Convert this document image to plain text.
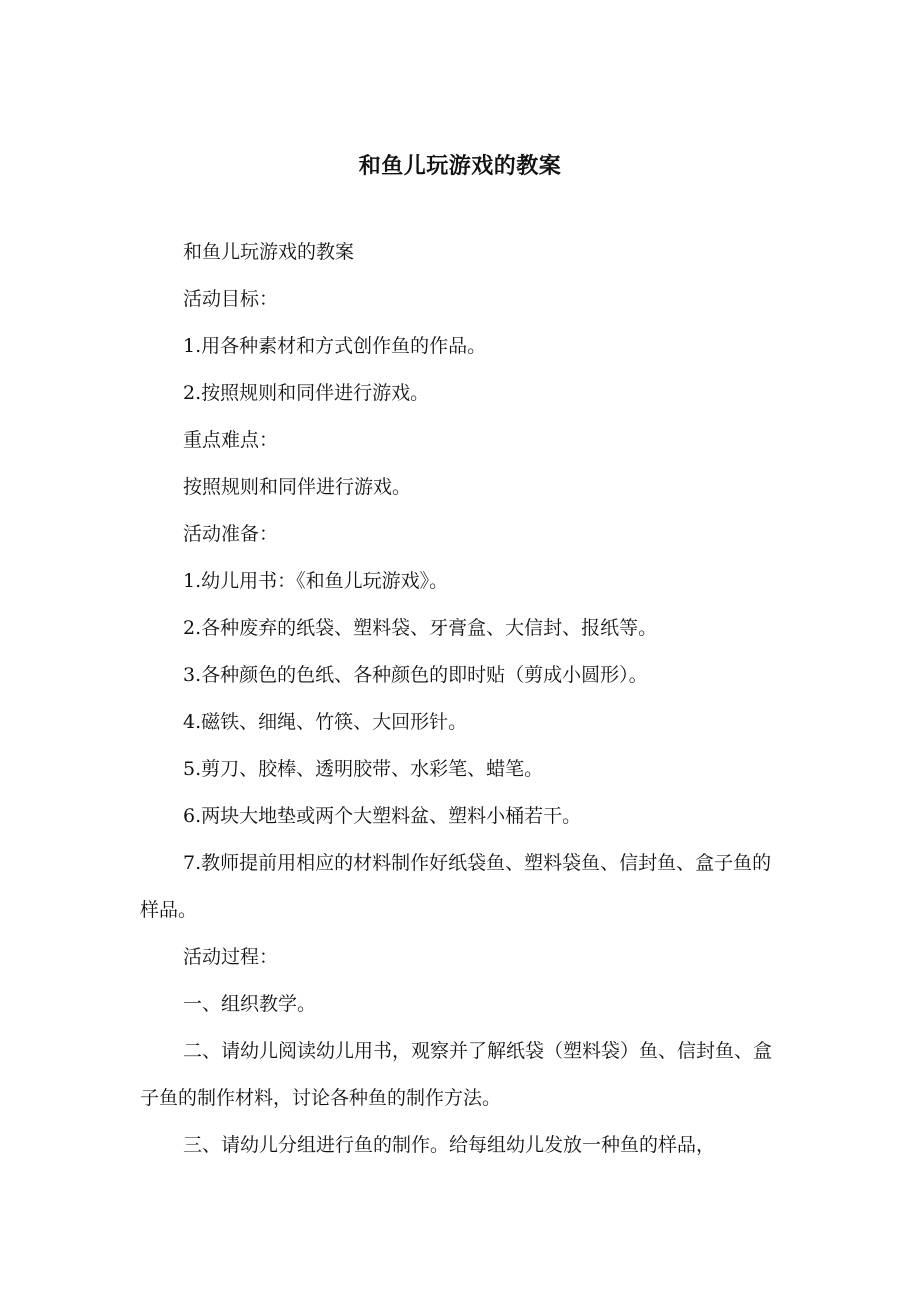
和鱼儿玩游戏的教案

和鱼儿玩游戏的教案

活动目标：

1.用各种素材和方式创作鱼的作品。

2.按照规则和同伴进行游戏。

重点难点：

按照规则和同伴进行游戏。

活动准备：

1.幼儿用书：《和鱼儿玩游戏》。

2.各种废弃的纸袋、塑料袋、牙膏盒、大信封、报纸等。

3.各种颜色的色纸、各种颜色的即时贴（剪成小圆形）。

4.磁铁、细绳、竹筷、大回形针。

5.剪刀、胶棒、透明胶带、水彩笔、蜡笔。

6.两块大地垫或两个大塑料盆、塑料小桶若干。

7.教师提前用相应的材料制作好纸袋鱼、塑料袋鱼、信封鱼、盒子鱼的样品。

活动过程：

一、组织教学。

二、请幼儿阅读幼儿用书，观察并了解纸袋（塑料袋）鱼、信封鱼、盒子鱼的制作材料，讨论各种鱼的制作方法。

三、请幼儿分组进行鱼的制作。给每组幼儿发放一种鱼的样品，
